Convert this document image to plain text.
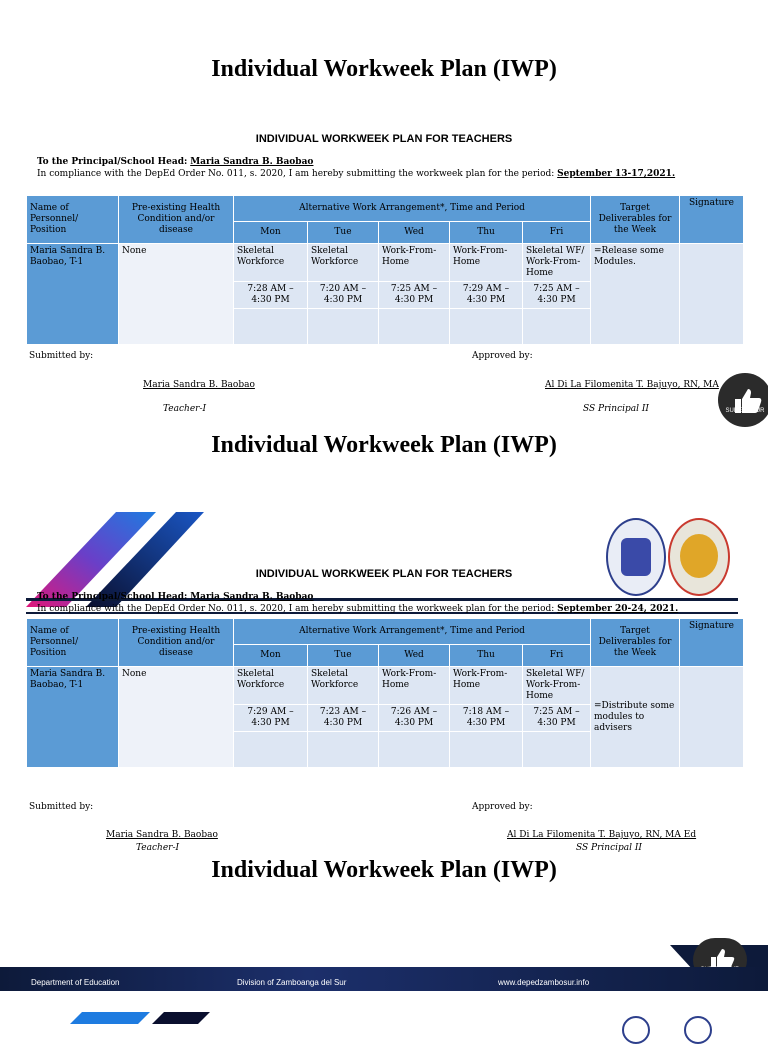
Individual Workweek Plan (IWP)
INDIVIDUAL WORKWEEK PLAN FOR TEACHERS
To the Principal/School Head: Maria Sandra B. Baobao
In compliance with the DepEd Order No. 011, s. 2020, I am hereby submitting the workweek plan for the period: September 13-17,2021.
Name of Personnel/ Position	Pre-existing Health Condition and/or disease	Alternative Work Arrangement*, Time and Period					Target Deliverables for the Week	Signature
		Mon	Tue	Wed	Thu	Fri		
Maria Sandra B. Baobao, T-1	None	Skeletal Workforce	Skeletal Workforce	Work-From-Home	Work-From-Home	Skeletal WF/ Work-From-Home	=Release some Modules.	
		7:28 AM – 4:30 PM	7:20 AM – 4:30 PM	7:25 AM – 4:30 PM	7:29 AM – 4:30 PM	7:25 AM – 4:30 PM		

Submitted by:	Approved by:
Maria Sandra B. Baobao	Al Di La Filomenita T. Bajuyo, RN, MA
Teacher-I	SS Principal II	SURE sa SUR
Individual Workweek Plan (IWP)
INDIVIDUAL WORKWEEK PLAN FOR TEACHERS
To the Principal/School Head: Maria Sandra B. Baobao
In compliance with the DepEd Order No. 011, s. 2020, I am hereby submitting the workweek plan for the period: September 20-24, 2021.
Name of Personnel/ Position	Pre-existing Health Condition and/or disease	Alternative Work Arrangement*, Time and Period					Target Deliverables for the Week	Signature
		Mon	Tue	Wed	Thu	Fri		
Maria Sandra B. Baobao, T-1	None	Skeletal Workforce	Skeletal Workforce	Work-From-Home	Work-From-Home	Skeletal WF/ Work-From-Home	=Distribute some modules to advisers	
		7:29 AM – 4:30 PM	7:23 AM – 4:30 PM	7:26 AM – 4:30 PM	7:18 AM – 4:30 PM	7:25 AM – 4:30 PM		

Submitted by:	Approved by:
Maria Sandra B. Baobao	Al Di La Filomenita T. Bajuyo, RN, MA Ed
Teacher-I	SS Principal II
Individual Workweek Plan (IWP)
Department of Education	Division of Zamboanga del Sur	www.depedzambosur.info
